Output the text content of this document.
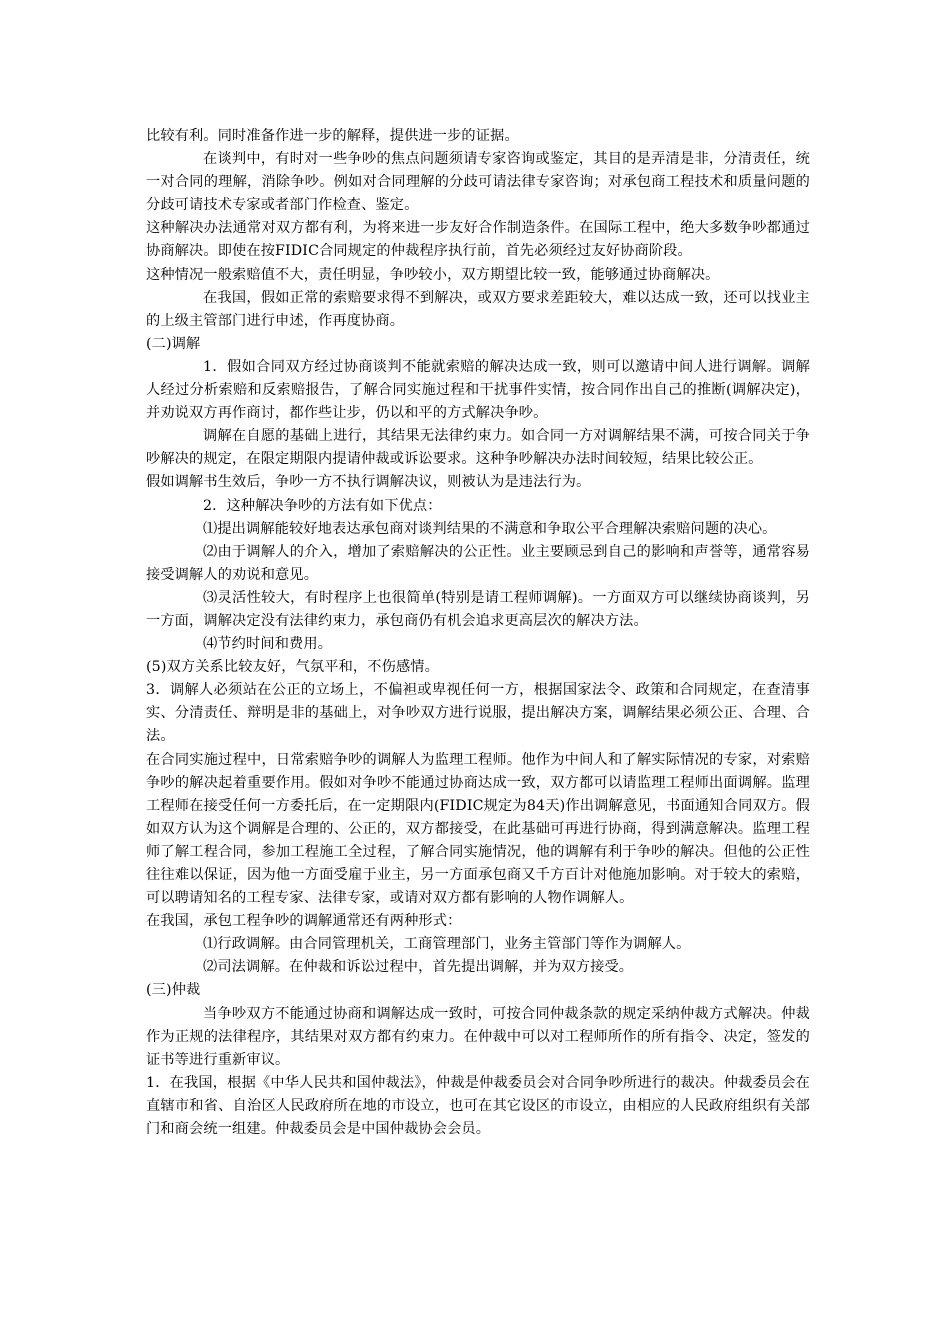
比较有利。同时准备作进一步的解释，提供进一步的证据。

在谈判中，有时对一些争吵的焦点问题须请专家咨询或鉴定，其目的是弄清是非，分清责任，统一对合同的理解，消除争吵。例如对合同理解的分歧可请法律专家咨询；对承包商工程技术和质量问题的分歧可请技术专家或者部门作检查、鉴定。

这种解决办法通常对双方都有利，为将来进一步友好合作制造条件。在国际工程中，绝大多数争吵都通过协商解决。即使在按FIDIC合同规定的仲裁程序执行前，首先必须经过友好协商阶段。

这种情况一般索赔值不大，责任明显，争吵较小，双方期望比较一致，能够通过协商解决。

在我国，假如正常的索赔要求得不到解决，或双方要求差距较大，难以达成一致，还可以找业主的上级主管部门进行申述，作再度协商。

(二)调解

1．假如合同双方经过协商谈判不能就索赔的解决达成一致，则可以邀请中间人进行调解。调解人经过分析索赔和反索赔报告，了解合同实施过程和干扰事件实情，按合同作出自己的推断(调解决定)，并劝说双方再作商讨，都作些让步，仍以和平的方式解决争吵。

调解在自愿的基础上进行，其结果无法律约束力。如合同一方对调解结果不满，可按合同关于争吵解决的规定，在限定期限内提请仲裁或诉讼要求。这种争吵解决办法时间较短，结果比较公正。

假如调解书生效后，争吵一方不执行调解决议，则被认为是违法行为。

2．这种解决争吵的方法有如下优点：

⑴提出调解能较好地表达承包商对谈判结果的不满意和争取公平合理解决索赔问题的决心。

⑵由于调解人的介入，增加了索赔解决的公正性。业主要顾忌到自己的影响和声誉等，通常容易接受调解人的劝说和意见。

⑶灵活性较大，有时程序上也很简单(特别是请工程师调解)。一方面双方可以继续协商谈判，另一方面，调解决定没有法律约束力，承包商仍有机会追求更高层次的解决方法。

⑷节约时间和费用。

(5)双方关系比较友好，气氛平和，不伤感情。

3．调解人必须站在公正的立场上，不偏袒或卑视任何一方，根据国家法令、政策和合同规定，在查清事实、分清责任、辩明是非的基础上，对争吵双方进行说服，提出解决方案，调解结果必须公正、合理、合法。

在合同实施过程中，日常索赔争吵的调解人为监理工程师。他作为中间人和了解实际情况的专家，对索赔争吵的解决起着重要作用。假如对争吵不能通过协商达成一致，双方都可以请监理工程师出面调解。监理工程师在接受任何一方委托后，在一定期限内(FIDIC规定为84天)作出调解意见，书面通知合同双方。假如双方认为这个调解是合理的、公正的，双方都接受，在此基础可再进行协商，得到满意解决。监理工程师了解工程合同，参加工程施工全过程，了解合同实施情况，他的调解有利于争吵的解决。但他的公正性往往难以保证，因为他一方面受雇于业主，另一方面承包商又千方百计对他施加影响。对于较大的索赔，可以聘请知名的工程专家、法律专家，或请对双方都有影响的人物作调解人。

在我国，承包工程争吵的调解通常还有两种形式：

⑴行政调解。由合同管理机关，工商管理部门，业务主管部门等作为调解人。

⑵司法调解。在仲裁和诉讼过程中，首先提出调解，并为双方接受。

(三)仲裁

当争吵双方不能通过协商和调解达成一致时，可按合同仲裁条款的规定采纳仲裁方式解决。仲裁作为正规的法律程序，其结果对双方都有约束力。在仲裁中可以对工程师所作的所有指令、决定，签发的证书等进行重新审议。

1．在我国，根据《中华人民共和国仲裁法》，仲裁是仲裁委员会对合同争吵所进行的裁决。仲裁委员会在直辖市和省、自治区人民政府所在地的市设立，也可在其它设区的市设立，由相应的人民政府组织有关部门和商会统一组建。仲裁委员会是中国仲裁协会会员。
